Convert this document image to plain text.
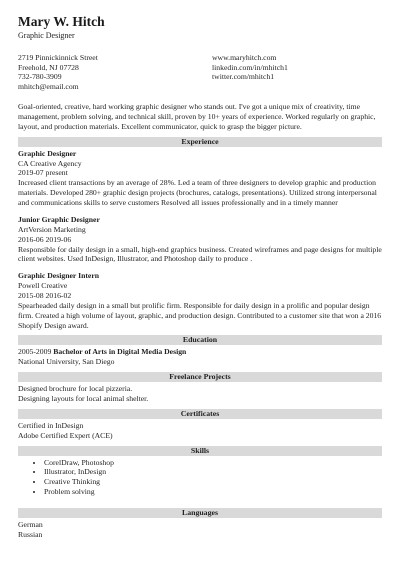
Mary W. Hitch
Graphic Designer
2719 Pinnickinnick Street
Freehold, NJ 07728
732-780-3909
mhitch@email.com
www.maryhitch.com
linkedin.com/in/mhitch1
twitter.com/mhitch1
Goal-oriented, creative, hard working graphic designer who stands out. I've got a unique mix of creativity, time management, problem solving, and technical skill, proven by 10+ years of experience. Worked regularly on graphic, layout, and production materials. Excellent communicator, quick to grasp the bigger picture.
Experience
Graphic Designer
CA Creative Agency
2019-07 present
Increased client transactions by an average of 28%. Led a team of three designers to develop graphic and production materials. Developed 280+ graphic design projects (brochures, catalogs, presentations). Utilized strong interpersonal and communications skills to serve customers Resolved all issues professionally and in a timely manner
Junior Graphic Designer
ArtVersion Marketing
2016-06 2019-06
Responsible for daily design in a small, high-end graphics business. Created wireframes and page designs for multiple client websites. Used InDesign, Illustrator, and Photoshop daily to produce .
Graphic Designer Intern
Powell Creative
2015-08 2016-02
Spearheaded daily design in a small but prolific firm. Responsible for daily design in a prolific and popular design firm. Created a high volume of layout, graphic, and production design. Contributed to a customer site that won a 2016 Shopify Design award.
Education
2005-2009 Bachelor of Arts in Digital Media Design
National University, San Diego
Freelance Projects
Designed brochure for local pizzeria.
Designing layouts for local animal shelter.
Certificates
Certified in InDesign
Adobe Certified Expert (ACE)
Skills
• CorelDraw, Photoshop
• Illustrator, InDesign
• Creative Thinking
• Problem solving
Languages
German
Russian
